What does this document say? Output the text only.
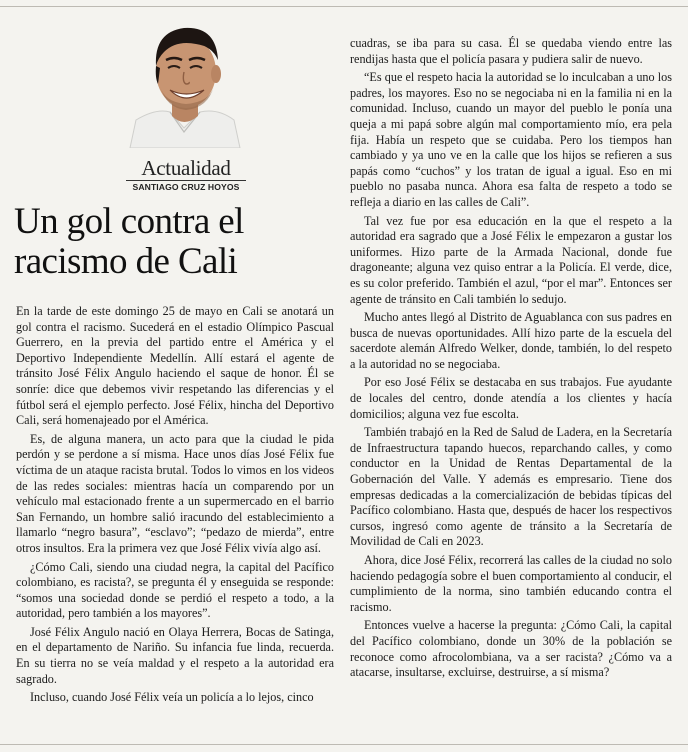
Actualidad
SANTIAGO CRUZ HOYOS
Un gol contra el racismo de Cali

En la tarde de este domingo 25 de mayo en Cali se anotará un gol contra el racismo. Sucederá en el estadio Olímpico Pascual Guerrero, en la previa del partido entre el América y el Deportivo Independiente Medellín. Allí estará el agente de tránsito José Félix Angulo haciendo el saque de honor. Él se sonríe: dice que debemos vivir respetando las diferencias y el fútbol será el ejemplo perfecto. José Félix, hincha del Deportivo Cali, será homenajeado por el América.

Es, de alguna manera, un acto para que la ciudad le pida perdón y se perdone a sí misma. Hace unos días José Félix fue víctima de un ataque racista brutal. Todos lo vimos en los videos de las redes sociales: mientras hacía un comparendo por un vehículo mal estacionado frente a un supermercado en el barrio San Fernando, un hombre salió iracundo del establecimiento a llamarlo “negro basura”, “esclavo”; “pedazo de mierda”, entre otros insultos. Era la primera vez que José Félix vivía algo así.

¿Cómo Cali, siendo una ciudad negra, la capital del Pacífico colombiano, es racista?, se pregunta él y enseguida se responde: “somos una sociedad donde se perdió el respeto a todo, a la autoridad, pero también a los mayores”.

José Félix Angulo nació en Olaya Herrera, Bocas de Satinga, en el departamento de Nariño. Su infancia fue linda, recuerda. En su tierra no se veía maldad y el respeto a la autoridad era sagrado.

Incluso, cuando José Félix veía un policía a lo lejos, cinco

cuadras, se iba para su casa. Él se quedaba viendo entre las rendijas hasta que el policía pasara y pudiera salir de nuevo.

“Es que el respeto hacia la autoridad se lo inculcaban a uno los padres, los mayores. Eso no se negociaba ni en la familia ni en la comunidad. Incluso, cuando un mayor del pueblo le ponía una queja a mi papá sobre algún mal comportamiento mío, era pela fija. Había un respeto que se cuidaba. Pero los tiempos han cambiado y ya uno ve en la calle que los hijos se refieren a sus papás como “cuchos” y los tratan de igual a igual. Eso en mi pueblo no pasaba nunca. Ahora esa falta de respeto a todo se refleja a diario en las calles de Cali”.

Tal vez fue por esa educación en la que el respeto a la autoridad era sagrado que a José Félix le empezaron a gustar los uniformes. Hizo parte de la Armada Nacional, donde fue dragoneante; alguna vez quiso entrar a la Policía. El verde, dice, es su color preferido. También el azul, “por el mar”. Entonces ser agente de tránsito en Cali también lo sedujo.

Mucho antes llegó al Distrito de Aguablanca con sus padres en busca de nuevas oportunidades. Allí hizo parte de la escuela del sacerdote alemán Alfredo Welker, donde, también, lo del respeto a la autoridad no se negociaba.

Por eso José Félix se destacaba en sus trabajos. Fue ayudante de locales del centro, donde atendía a los clientes y hacía domicilios; alguna vez fue escolta.

También trabajó en la Red de Salud de Ladera, en la Secretaría de Infraestructura tapando huecos, reparchando calles, y como conductor en la Unidad de Rentas Departamental de la Gobernación del Valle. Y además es empresario. Tiene dos empresas dedicadas a la comercialización de bebidas típicas del Pacífico colombiano. Hasta que, después de hacer los respectivos cursos, ingresó como agente de tránsito a la Secretaría de Movilidad de Cali en 2023.

Ahora, dice José Félix, recorrerá las calles de la ciudad no solo haciendo pedagogía sobre el buen comportamiento al conducir, el cumplimiento de la norma, sino también educando contra el racismo.

Entonces vuelve a hacerse la pregunta: ¿Cómo Cali, la capital del Pacífico colombiano, donde un 30% de la población se reconoce como afrocolombiana, va a ser racista? ¿Cómo va a atacarse, insultarse, excluirse, destruirse, a sí misma?
